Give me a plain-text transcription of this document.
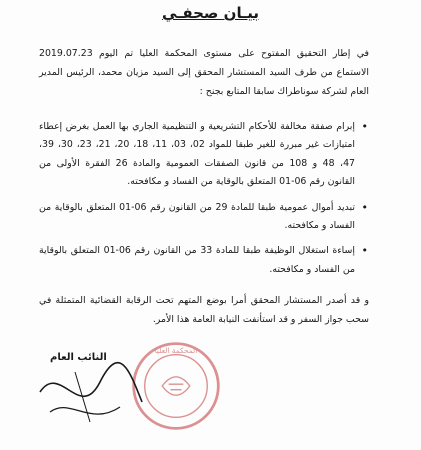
بيـان صحفـي
في إطار التحقيق المفتوح على مستوى المحكمة العليا تم اليوم 2019.07.23 الاستماع من طرف السيد المستشار المحقق إلى السيد مزيان محمد، الرئيس المدير العام لشركة سوناطراك سابقا المتابع بجنح :
• إبرام صفقة مخالفة للأحكام التشريعية و التنظيمية الجاري بها العمل بغرض إعطاء امتيازات غير مبررة للغير طبقا للمواد 02، 03، 11، 18، 20، 21، 23، 30، 39، 47، 48 و 108 من قانون الصفقات العمومية والمادة 26 الفقرة الأولى من القانون رقم 06-01 المتعلق بالوقاية من الفساد و مكافحته.
• تبديد أموال عمومية طبقا للمادة 29 من القانون رقم 06-01 المتعلق بالوقاية من الفساد و مكافحته.
• إساءة استغلال الوظيفة طبقا للمادة 33 من القانون رقم 06-01 المتعلق بالوقاية من الفساد و مكافحته.
و قد أصدر المستشار المحقق أمرا بوضع المتهم تحت الرقابة القضائية المتمثلة في سحب جواز السفر و قد استأنفت النيابة العامة هذا الأمر.
المحكمة العليا
النائب العام
